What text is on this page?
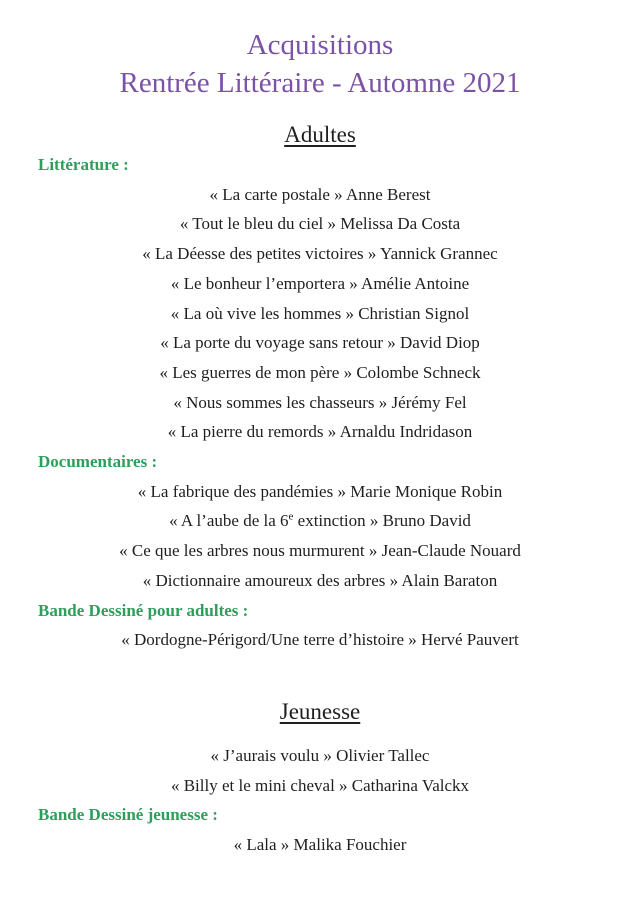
Acquisitions
Rentrée Littéraire - Automne 2021
Adultes
Littérature :
« La carte postale » Anne Berest
« Tout le bleu du ciel » Melissa Da Costa
« La Déesse des petites victoires » Yannick Grannec
« Le bonheur l’emportera » Amélie Antoine
« La où vive les hommes » Christian Signol
« La porte du voyage sans retour » David Diop
« Les guerres de mon père » Colombe Schneck
« Nous sommes les chasseurs » Jérémy Fel
« La pierre du remords » Arnaldu Indridason
Documentaires :
« La fabrique des pandémies » Marie Monique Robin
« A l’aube de la 6e extinction » Bruno David
« Ce que les arbres nous murmurent » Jean-Claude Nouard
« Dictionnaire amoureux des arbres » Alain Baraton
Bande Dessiné pour adultes :
« Dordogne-Périgord/Une terre d’histoire » Hervé Pauvert
Jeunesse
« J’aurais voulu » Olivier Tallec
« Billy et le mini cheval » Catharina Valckx
Bande Dessiné jeunesse :
« Lala » Malika Fouchier
